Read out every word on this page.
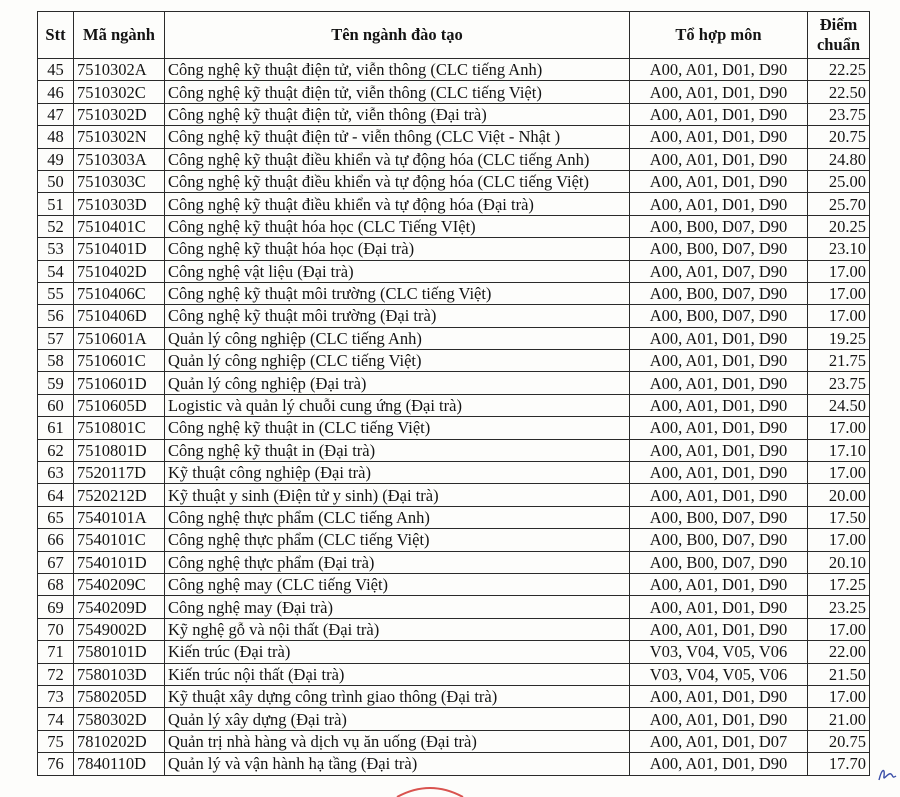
Stt	Mã ngành	Tên ngành đào tạo	Tổ hợp môn	Điểm
chuẩn
45	7510302A	Công nghệ kỹ thuật điện tử, viễn thông (CLC tiếng Anh)	A00, A01, D01, D90	22.25
46	7510302C	Công nghệ kỹ thuật điện tử, viễn thông (CLC tiếng Việt)	A00, A01, D01, D90	22.50
47	7510302D	Công nghệ kỹ thuật điện tử, viễn thông (Đại trà)	A00, A01, D01, D90	23.75
48	7510302N	Công nghệ kỹ thuật điện tử - viễn thông (CLC Việt - Nhật )	A00, A01, D01, D90	20.75
49	7510303A	Công nghệ kỹ thuật điều khiển và tự động hóa (CLC tiếng Anh)	A00, A01, D01, D90	24.80
50	7510303C	Công nghệ kỹ thuật điều khiển và tự động hóa (CLC tiếng Việt)	A00, A01, D01, D90	25.00
51	7510303D	Công nghệ kỹ thuật điều khiển và tự động hóa (Đại trà)	A00, A01, D01, D90	25.70
52	7510401C	Công nghệ kỹ thuật hóa học (CLC Tiếng VIệt)	A00, B00, D07, D90	20.25
53	7510401D	Công nghệ kỹ thuật hóa học (Đại trà)	A00, B00, D07, D90	23.10
54	7510402D	Công nghệ vật liệu (Đại trà)	A00, A01, D07, D90	17.00
55	7510406C	Công nghệ kỹ thuật môi trường (CLC tiếng Việt)	A00, B00, D07, D90	17.00
56	7510406D	Công nghệ kỹ thuật môi trường (Đại trà)	A00, B00, D07, D90	17.00
57	7510601A	Quản lý công nghiệp (CLC tiếng Anh)	A00, A01, D01, D90	19.25
58	7510601C	Quản lý công nghiệp (CLC tiếng Việt)	A00, A01, D01, D90	21.75
59	7510601D	Quản lý công nghiệp (Đại trà)	A00, A01, D01, D90	23.75
60	7510605D	Logistic và quản lý chuỗi cung ứng (Đại trà)	A00, A01, D01, D90	24.50
61	7510801C	Công nghệ kỹ thuật in (CLC tiếng Việt)	A00, A01, D01, D90	17.00
62	7510801D	Công nghệ kỹ thuật in (Đại trà)	A00, A01, D01, D90	17.10
63	7520117D	Kỹ thuật công nghiệp (Đại trà)	A00, A01, D01, D90	17.00
64	7520212D	Kỹ thuật y sinh (Điện tử y sinh) (Đại trà)	A00, A01, D01, D90	20.00
65	7540101A	Công nghệ thực phẩm (CLC tiếng Anh)	A00, B00, D07, D90	17.50
66	7540101C	Công nghệ thực phẩm (CLC tiếng Việt)	A00, B00, D07, D90	17.00
67	7540101D	Công nghệ thực phẩm (Đại trà)	A00, B00, D07, D90	20.10
68	7540209C	Công nghệ may (CLC tiếng Việt)	A00, A01, D01, D90	17.25
69	7540209D	Công nghệ may (Đại trà)	A00, A01, D01, D90	23.25
70	7549002D	Kỹ nghệ gỗ và nội thất (Đại trà)	A00, A01, D01, D90	17.00
71	7580101D	Kiến trúc (Đại trà)	V03, V04, V05, V06	22.00
72	7580103D	Kiến trúc nội thất (Đại trà)	V03, V04, V05, V06	21.50
73	7580205D	Kỹ thuật xây dựng công trình giao thông (Đại trà)	A00, A01, D01, D90	17.00
74	7580302D	Quản lý xây dựng (Đại trà)	A00, A01, D01, D90	21.00
75	7810202D	Quản trị nhà hàng và dịch vụ ăn uống (Đại trà)	A00, A01, D01, D07	20.75
76	7840110D	Quản lý và vận hành hạ tầng (Đại trà)	A00, A01, D01, D90	17.70
